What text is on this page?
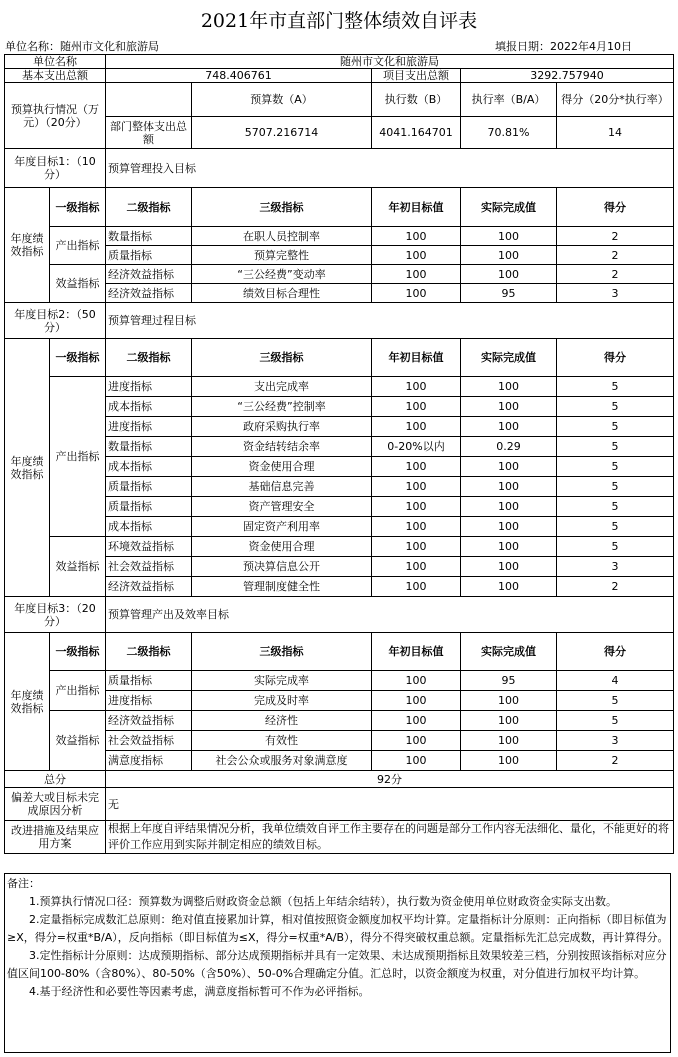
2021年市直部门整体绩效自评表
单位名称：随州市文化和旅游局	填报日期：2022年4月10日
单位名称		随州市文化和旅游局				
基本支出总额		748.406761		项目支出总额	3292.757940	
预算执行情况（万元）（20分）			预算数（A）	执行数（B）	执行率（B/A）	得分（20分*执行率）
		部门整体支出总额	5707.216714	4041.164701	70.81%	14
年度目标1：（10分）		预算管理投入目标				
年度绩效指标	一级指标	二级指标	三级指标	年初目标值	实际完成值	得分
	产出指标	数量指标	在职人员控制率	100	100	2
		质量指标	预算完整性	100	100	2
	效益指标	经济效益指标	“三公经费”变动率	100	100	2
		经济效益指标	绩效目标合理性	100	95	3
年度目标2：（50分）		预算管理过程目标				
年度绩效指标	一级指标	二级指标	三级指标	年初目标值	实际完成值	得分
	产出指标	进度指标	支出完成率	100	100	5
		成本指标	“三公经费”控制率	100	100	5
		进度指标	政府采购执行率	100	100	5
		数量指标	资金结转结余率	0-20%以内	0.29	5
		成本指标	资金使用合理	100	100	5
		质量指标	基础信息完善	100	100	5
		质量指标	资产管理安全	100	100	5
		成本指标	固定资产利用率	100	100	5
	效益指标	环境效益指标	资金使用合理	100	100	5
		社会效益指标	预决算信息公开	100	100	3
		经济效益指标	管理制度健全性	100	100	2
年度目标3：（20分）		预算管理产出及效率目标				
年度绩效指标	一级指标	二级指标	三级指标	年初目标值	实际完成值	得分
	产出指标	质量指标	实际完成率	100	95	4
		进度指标	完成及时率	100	100	5
	效益指标	经济效益指标	经济性	100	100	5
		社会效益指标	有效性	100	100	3
		满意度指标	社会公众或服务对象满意度	100	100	2
总分		92分				
偏差大或目标未完成原因分析		无				
改进措施及结果应用方案		根据上年度自评结果情况分析，我单位绩效自评工作主要存在的问题是部分工作内容无法细化、量化，不能更好的将评价工作应用到实际并制定相应的绩效目标。				

备注：

1.预算执行情况口径：预算数为调整后财政资金总额（包括上年结余结转），执行数为资金使用单位财政资金实际支出数。

2.定量指标完成数汇总原则：绝对值直接累加计算，相对值按照资金额度加权平均计算。定量指标计分原则：正向指标（即目标值为≥X，得分=权重*B/A），反向指标（即目标值为≤X，得分=权重*A/B），得分不得突破权重总额。定量指标先汇总完成数，再计算得分。

3.定性指标计分原则：达成预期指标、部分达成预期指标并具有一定效果、未达成预期指标且效果较差三档，分别按照该指标对应分值区间100-80%（含80%）、80-50%（含50%）、50-0%合理确定分值。汇总时，以资金额度为权重，对分值进行加权平均计算。

4.基于经济性和必要性等因素考虑，满意度指标暂可不作为必评指标。
